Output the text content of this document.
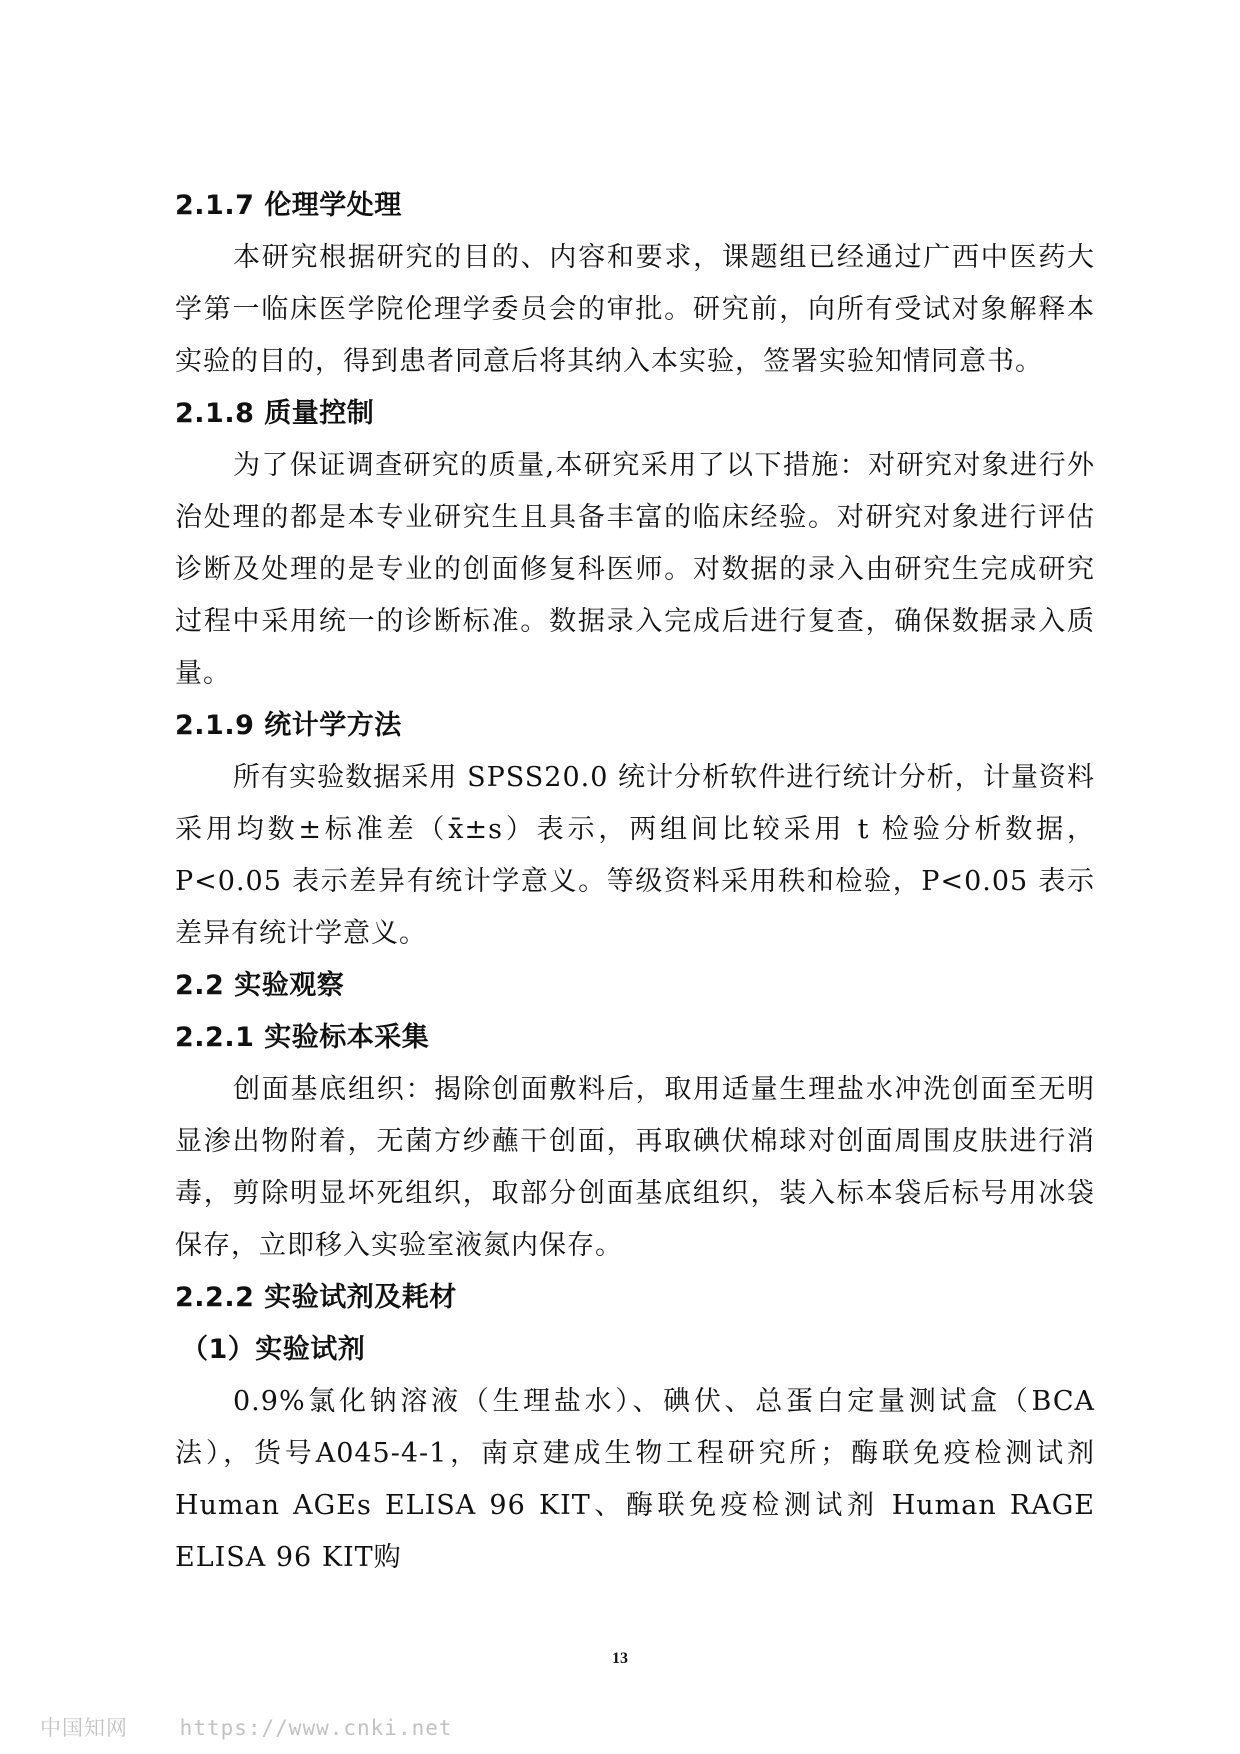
2.1.7 伦理学处理

本研究根据研究的目的、内容和要求，课题组已经通过广西中医药大学第一临床医学院伦理学委员会的审批。研究前，向所有受试对象解释本实验的目的，得到患者同意后将其纳入本实验，签署实验知情同意书。

2.1.8 质量控制

为了保证调查研究的质量,本研究采用了以下措施：对研究对象进行外治处理的都是本专业研究生且具备丰富的临床经验。对研究对象进行评估诊断及处理的是专业的创面修复科医师。对数据的录入由研究生完成研究过程中采用统一的诊断标准。数据录入完成后进行复查，确保数据录入质量。

2.1.9 统计学方法

所有实验数据采用 SPSS20.0 统计分析软件进行统计分析，计量资料采用均数±标准差（x̄±s）表示，两组间比较采用 t 检验分析数据，P<0.05 表示差异有统计学意义。等级资料采用秩和检验，P<0.05 表示差异有统计学意义。

2.2 实验观察
2.2.1 实验标本采集

创面基底组织：揭除创面敷料后，取用适量生理盐水冲洗创面至无明显渗出物附着，无菌方纱蘸干创面，再取碘伏棉球对创面周围皮肤进行消毒，剪除明显坏死组织，取部分创面基底组织，装入标本袋后标号用冰袋保存，立即移入实验室液氮内保存。

2.2.2 实验试剂及耗材
（1）实验试剂

0.9%氯化钠溶液（生理盐水）、碘伏、总蛋白定量测试盒（BCA法），货号A045-4-1，南京建成生物工程研究所；酶联免疫检测试剂 Human AGEs ELISA 96 KIT、酶联免疫检测试剂 Human RAGE ELISA 96 KIT购

13
中国知网 https://www.cnki.net
